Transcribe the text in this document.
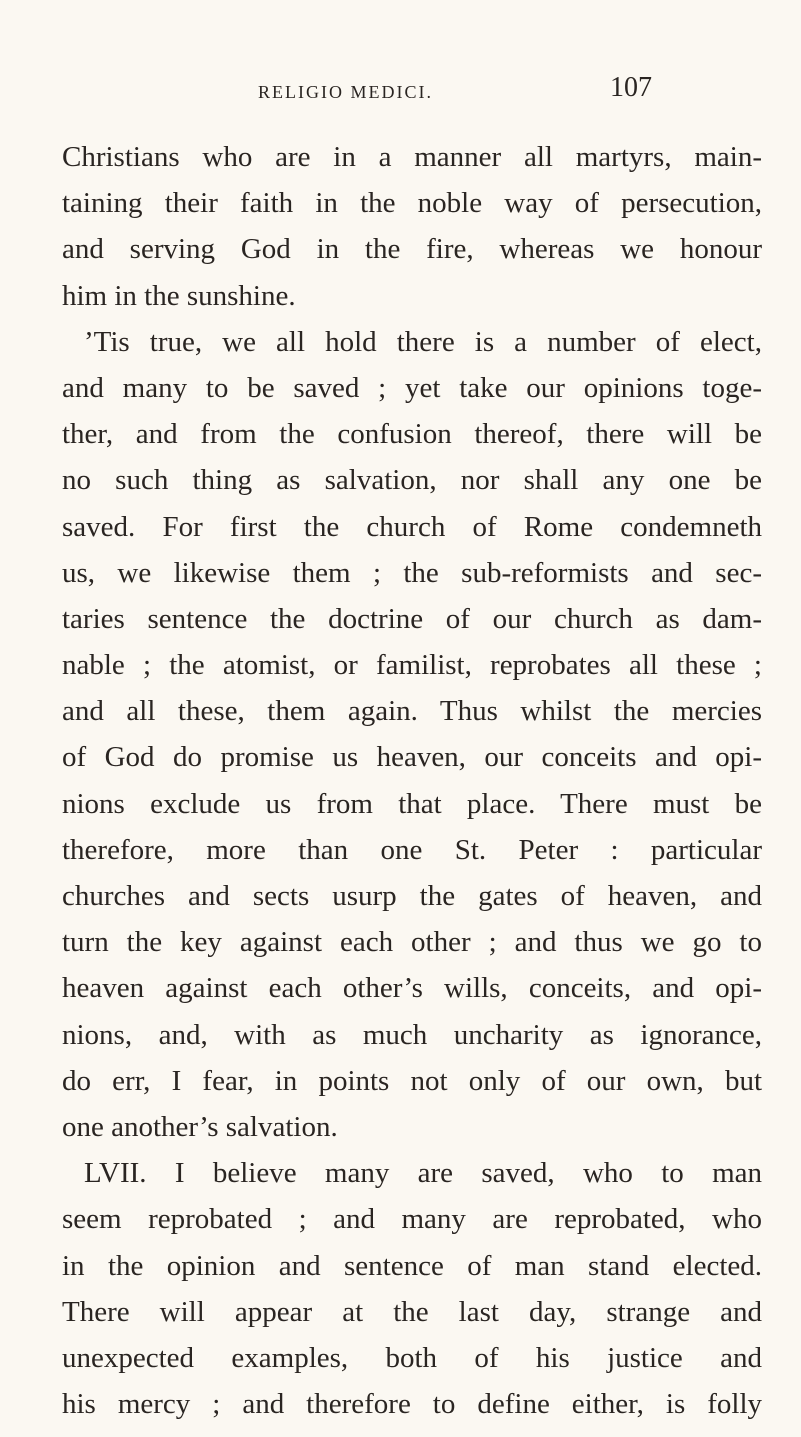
RELIGIO MEDICI.	107
Christians who are in a manner all martyrs, main-
taining their faith in the noble way of persecution,
and serving God in the fire, whereas we honour
him in the sunshine.
’Tis true, we all hold there is a number of elect,
and many to be saved ; yet take our opinions toge-
ther, and from the confusion thereof, there will be
no such thing as salvation, nor shall any one be
saved. For first the church of Rome condemneth
us, we likewise them ; the sub-reformists and sec-
taries sentence the doctrine of our church as dam-
nable ; the atomist, or familist, reprobates all these ;
and all these, them again. Thus whilst the mercies
of God do promise us heaven, our conceits and opi-
nions exclude us from that place. There must be
therefore, more than one St. Peter : particular
churches and sects usurp the gates of heaven, and
turn the key against each other ; and thus we go to
heaven against each other’s wills, conceits, and opi-
nions, and, with as much uncharity as ignorance,
do err, I fear, in points not only of our own, but
one another’s salvation.
LVII. I believe many are saved, who to man
seem reprobated ; and many are reprobated, who
in the opinion and sentence of man stand elected.
There will appear at the last day, strange and
unexpected examples, both of his justice and
his mercy ; and therefore to define either, is folly
